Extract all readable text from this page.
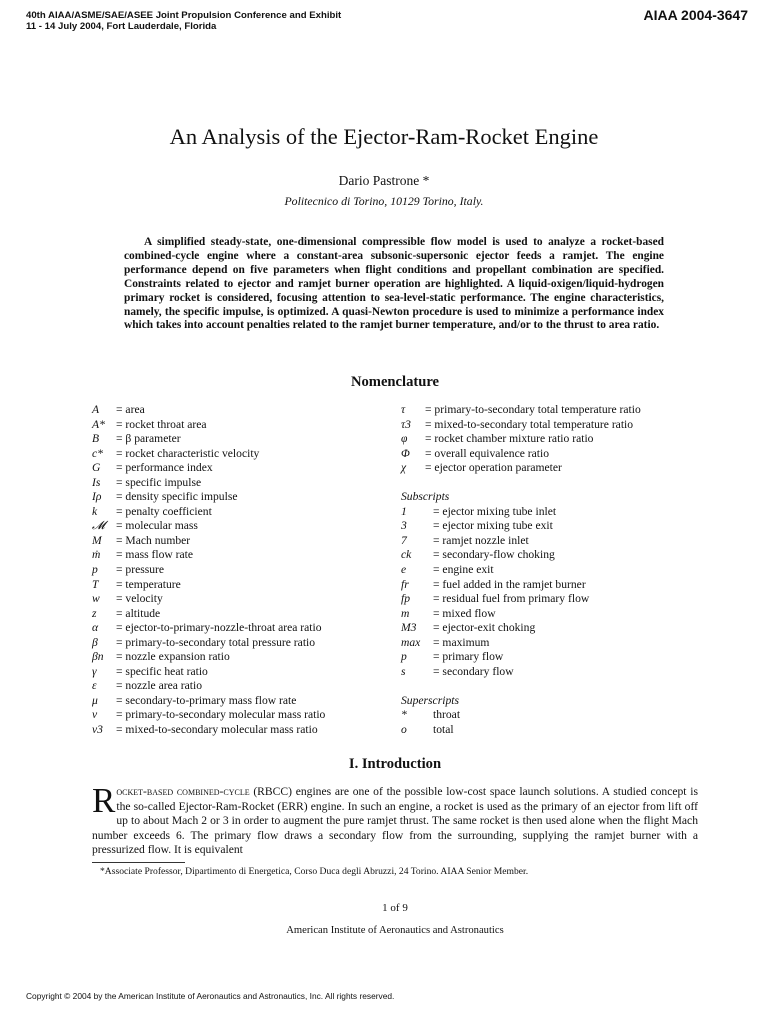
40th AIAA/ASME/SAE/ASEE Joint Propulsion Conference and Exhibit
11 - 14 July 2004, Fort Lauderdale, Florida
AIAA 2004-3647
An Analysis of the Ejector-Ram-Rocket Engine
Dario Pastrone *
Politecnico di Torino, 10129 Torino, Italy.

A simplified steady-state, one-dimensional compressible flow model is used to analyze a rocket-based combined-cycle engine where a constant-area subsonic-supersonic ejector feeds a ramjet. The engine performance depend on five parameters when flight conditions and propellant combination are specified. Constraints related to ejector and ramjet burner operation are highlighted. A liquid-oxigen/liquid-hydrogen primary rocket is considered, focusing attention to sea-level-static performance. The engine characteristics, namely, the specific impulse, is optimized. A quasi-Newton procedure is used to minimize a performance index which takes into account penalties related to the ramjet burner temperature, and/or to the thrust to area ratio.

Nomenclature
A	= area
A* = rocket throat area
B	= β parameter
c*	= rocket characteristic velocity
G	= performance index
Is	= specific impulse
Iρ	= density specific impulse
k	= penalty coefficient
𝓜 = molecular mass
M	= Mach number
ṁ	= mass flow rate
p	= pressure
T	= temperature
w	= velocity
z	= altitude
α	= ejector-to-primary-nozzle-throat area ratio
β	= primary-to-secondary total pressure ratio
βn	= nozzle expansion ratio
γ	= specific heat ratio
ε	= nozzle area ratio
μ	= secondary-to-primary mass flow rate
ν	= primary-to-secondary molecular mass ratio
ν3	= mixed-to-secondary molecular mass ratio
τ	= primary-to-secondary total temperature ratio
τ3	= mixed-to-secondary total temperature ratio
φ	= rocket chamber mixture ratio ratio
Φ	= overall equivalence ratio
χ	= ejector operation parameter
Subscripts
1	= ejector mixing tube inlet
3	= ejector mixing tube exit
7	= ramjet nozzle inlet
ck	= secondary-flow choking
e	= engine exit
fr	= fuel added in the ramjet burner
fp	= residual fuel from primary flow
m	= mixed flow
M3	= ejector-exit choking
max	= maximum
p	= primary flow
s	= secondary flow
Superscripts
*	throat
o	total
I. Introduction

Rocket-based combined-cycle (RBCC) engines are one of the possible low-cost space launch solutions. A studied concept is the so-called Ejector-Ram-Rocket (ERR) engine. In such an engine, a rocket is used as the primary of an ejector from lift off up to about Mach 2 or 3 in order to augment the pure ramjet thrust. The same rocket is then used alone when the flight Mach number exceeds 6. The primary flow draws a secondary flow from the surrounding, supplying the ramjet burner with a pressurized flow. It is equivalent

*Associate Professor, Dipartimento di Energetica, Corso Duca degli Abruzzi, 24 Torino. AIAA Senior Member.
1 of 9
American Institute of Aeronautics and Astronautics
Copyright © 2004 by the American Institute of Aeronautics and Astronautics, Inc. All rights reserved.
